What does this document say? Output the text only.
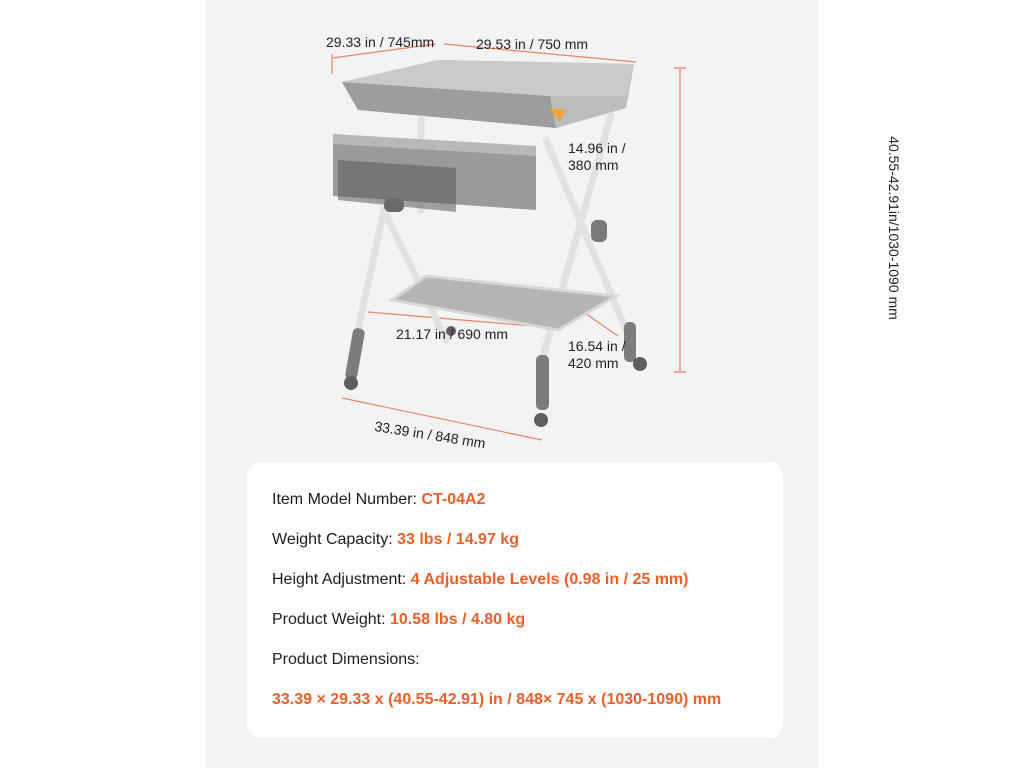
29.33 in / 745mm	29.53 in / 750 mm
14.96 in /
380 mm
21.17 in / 690 mm
16.54 in /
420 mm
33.39 in / 848 mm
40.55-42.91in/1030-1090 mm
Item Model Number: CT-04A2
Weight Capacity: 33 lbs / 14.97 kg
Height Adjustment: 4 Adjustable Levels (0.98 in / 25 mm)
Product Weight: 10.58 lbs / 4.80 kg
Product Dimensions:
33.39 × 29.33 x (40.55-42.91) in / 848× 745 x (1030-1090) mm
